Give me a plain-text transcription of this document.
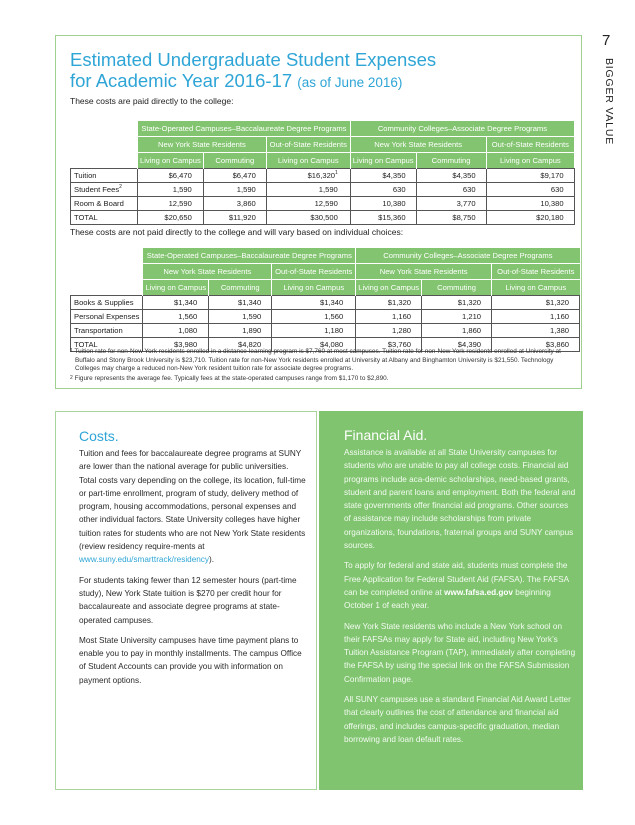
7
BIGGER VALUE
Estimated Undergraduate Student Expenses
for Academic Year 2016-17 (as of June 2016)
These costs are paid directly to the college:
	State-Operated Campuses–Baccalaureate Degree Programs			Community Colleges–Associate Degree Programs		
	New York State Residents		Out-of-State Residents	New York State Residents		Out-of-State Residents
	Living on Campus	Commuting	Living on Campus	Living on Campus	Commuting	Living on Campus
Tuition	$6,470	$6,470	$16,320$^1$	$4,350	$4,350	$9,170
Student Fees$^2$	1,590	1,590	1,590	630	630	630
Room & Board	12,590	3,860	12,590	10,380	3,770	10,380
TOTAL	$20,650	$11,920	$30,500	$15,360	$8,750	$20,180
These costs are not paid directly to the college and will vary based on individual choices:
	State-Operated Campuses–Baccalaureate Degree Programs			Community Colleges–Associate Degree Programs		
	New York State Residents		Out-of-State Residents	New York State Residents		Out-of-State Residents
	Living on Campus	Commuting	Living on Campus	Living on Campus	Commuting	Living on Campus
Books & Supplies	$1,340	$1,340	$1,340	$1,320	$1,320	$1,320
Personal Expenses	1,560	1,590	1,560	1,160	1,210	1,160
Transportation	1,080	1,890	1,180	1,280	1,860	1,380
TOTAL	$3,980	$4,820	$4,080	$3,760	$4,390	$3,860

$^1$ Tuition rate for non-New York residents enrolled in a distance-learning program is $7,760 at most campuses. Tuition rate for non-New York residents enrolled at University at Buffalo and Stony Brook University is $23,710. Tuition rate for non-New York residents enrolled at University at Albany and Binghamton University is $21,550. Technology Colleges may charge a reduced non-New York resident tuition rate for associate degree programs.

$^2$ Figure represents the average fee. Typically fees at the state-operated campuses range from $1,170 to $2,890.

Costs.

Tuition and fees for baccalaureate degree programs at SUNY are lower than the national average for public universities. Total costs vary depending on the college, its location, full-time or part-time enrollment, program of study, delivery method of program, housing accommodations, personal expenses and other individual factors. State University colleges have higher tuition rates for students who are not New York State residents (review residency require-ments at www.suny.edu/smarttrack/residency).

For students taking fewer than 12 semester hours (part-time study), New York State tuition is $270 per credit hour for baccalaureate and associate degree programs at state-operated campuses.

Most State University campuses have time payment plans to enable you to pay in monthly installments. The campus Office of Student Accounts can provide you with information on payment options.

Financial Aid.

Assistance is available at all State University campuses for students who are unable to pay all college costs. Financial aid programs include aca-demic scholarships, need-based grants, student and parent loans and employment. Both the federal and state governments offer financial aid programs. Other sources of assistance may include scholarships from private organizations, foundations, fraternal groups and SUNY campus sources.

To apply for federal and state aid, students must complete the Free Application for Federal Student Aid (FAFSA). The FAFSA can be completed online at www.fafsa.ed.gov beginning October 1 of each year.

New York State residents who include a New York school on their FAFSAs may apply for State aid, including New York’s Tuition Assistance Program (TAP), immediately after completing the FAFSA by using the special link on the FAFSA Submission Confirmation page.

All SUNY campuses use a standard Financial Aid Award Letter that clearly outlines the cost of attendance and financial aid offerings, and includes campus-specific graduation, median borrowing and loan default rates.
